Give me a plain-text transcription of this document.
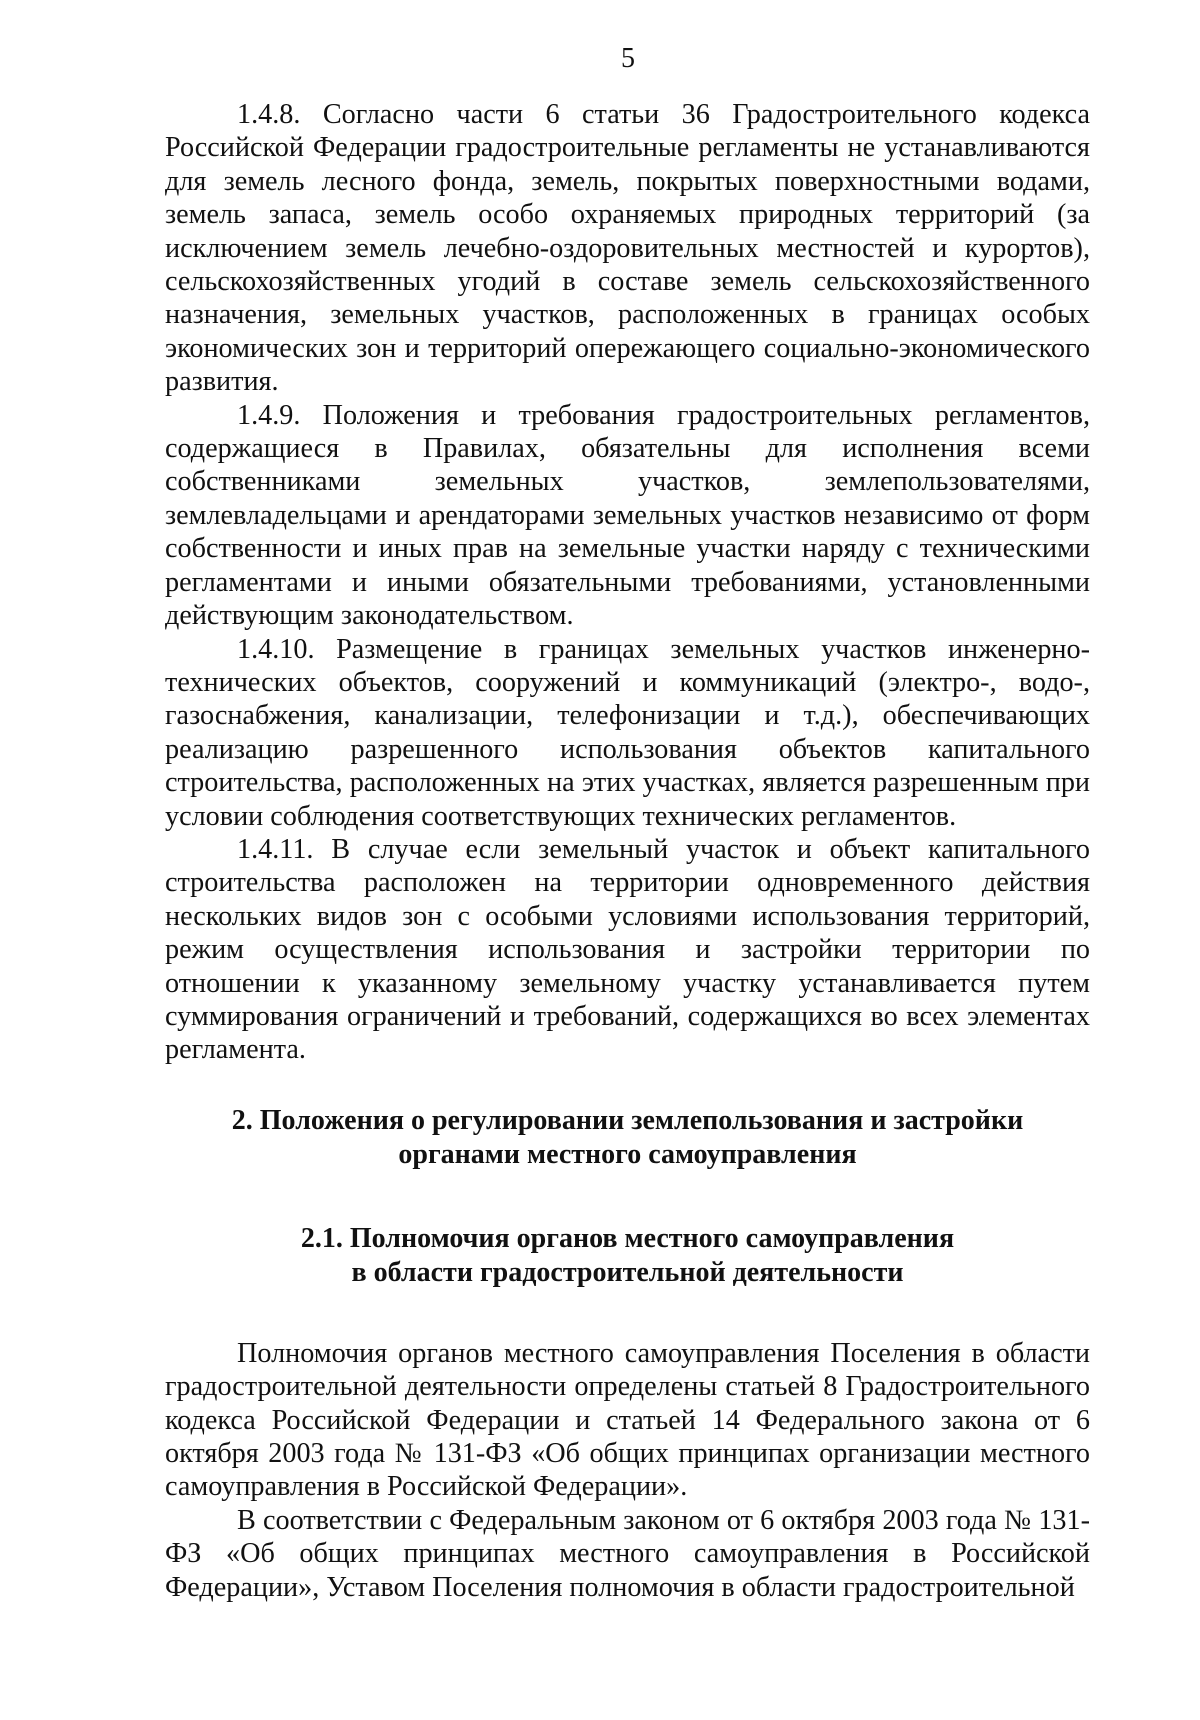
5

1.4.8. Согласно части 6 статьи 36 Градостроительного кодекса Российской Федерации градостроительные регламенты не устанавливаются для земель лесного фонда, земель, покрытых поверхностными водами, земель запаса, земель особо охраняемых природных территорий (за исключением земель лечебно-оздоровительных местностей и курортов), сельскохозяйственных угодий в составе земель сельскохозяйственного назначения, земельных участков, расположенных в границах особых экономических зон и территорий опережающего социально-экономического развития.

1.4.9. Положения и требования градостроительных регламентов, содержащиеся в Правилах, обязательны для исполнения всеми собственниками земельных участков, землепользователями, землевладельцами и арендаторами земельных участков независимо от форм собственности и иных прав на земельные участки наряду с техническими регламентами и иными обязательными требованиями, установленными действующим законодательством.

1.4.10. Размещение в границах земельных участков инженерно-технических объектов, сооружений и коммуникаций (электро-, водо-, газоснабжения, канализации, телефонизации и т.д.), обеспечивающих реализацию разрешенного использования объектов капитального строительства, расположенных на этих участках, является разрешенным при условии соблюдения соответствующих технических регламентов.

1.4.11. В случае если земельный участок и объект капитального строительства расположен на территории одновременного действия нескольких видов зон с особыми условиями использования территорий, режим осуществления использования и застройки территории по отношении к указанному земельному участку устанавливается путем суммирования ограничений и требований, содержащихся во всех элементах регламента.

2. Положения о регулировании землепользования и застройки
органами местного самоуправления
2.1. Полномочия органов местного самоуправления
в области градостроительной деятельности

Полномочия органов местного самоуправления Поселения в области градостроительной деятельности определены статьей 8 Градостроительного кодекса Российской Федерации и статьей 14 Федерального закона от 6 октября 2003 года № 131-ФЗ «Об общих принципах организации местного самоуправления в Российской Федерации».

В соответствии с Федеральным законом от 6 октября 2003 года № 131-ФЗ «Об общих принципах местного самоуправления в Российской Федерации», Уставом Поселения полномочия в области градостроительной
